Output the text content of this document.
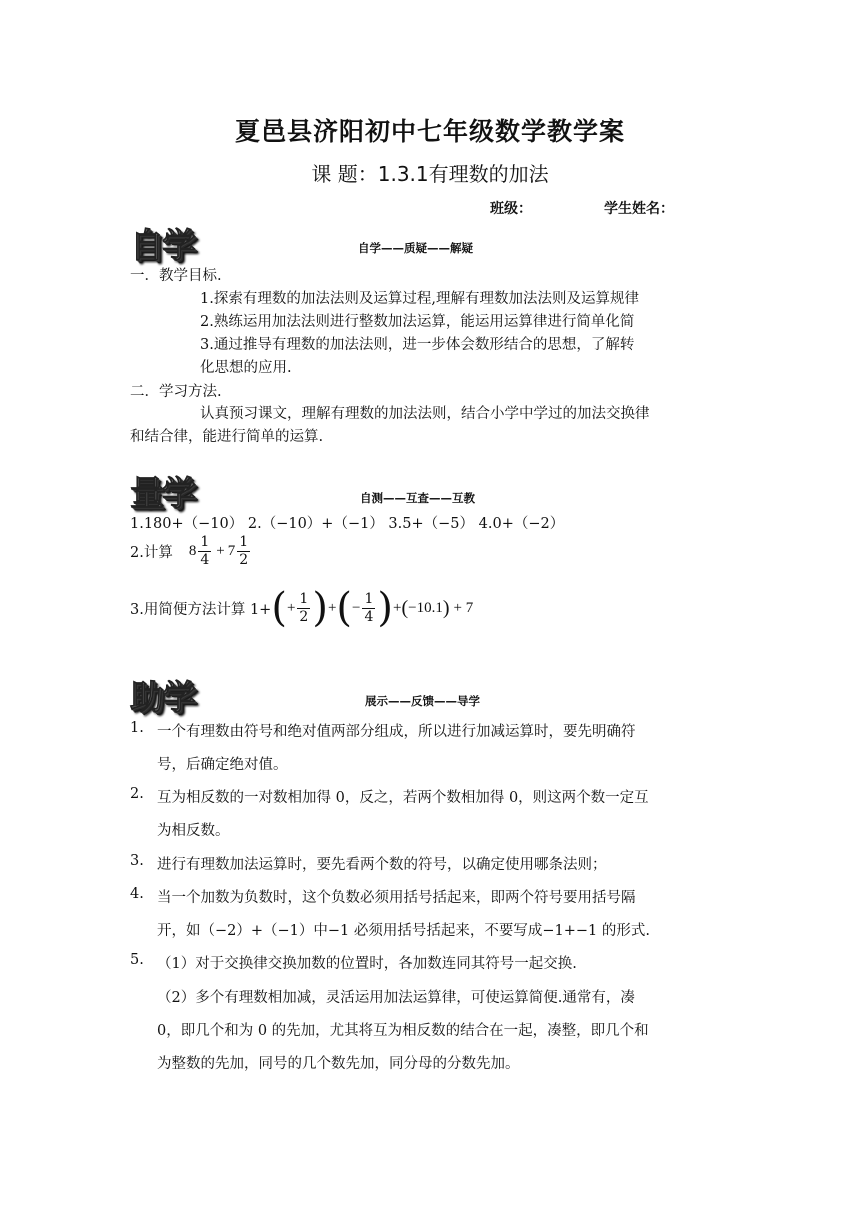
夏邑县济阳初中七年级数学教学案
课 题：1.3.1有理数的加法
班级：	学生姓名：
自学	自学——质疑——解疑
一．教学目标.
1.探索有理数的加法法则及运算过程,理解有理数加法法则及运算规律
2.熟练运用加法法则进行整数加法运算，能运用运算律进行简单化简
3.通过推导有理数的加法法则，进一步体会数形结合的思想，了解转
化思想的应用.
二．学习方法.
认真预习课文，理解有理数的加法法则，结合小学中学过的加法交换律
和结合律，能进行简单的运算.
量学	自测——互查——互教
1.180+（−10） 2.（−10）+（−1） 3.5+（−5） 4.0+（−2）
2.计算 $8 \frac{1}{4} + 7 \frac{1}{2}$
3.用简便方法计算 1+ ( + $\frac{1}{2}$ ) + ( − $\frac{1}{4}$ ) + ( −10.1 ) + 7
助学	展示——反馈——导学
1. 一个有理数由符号和绝对值两部分组成，所以进行加减运算时，要先明确符
号，后确定绝对值。
2. 互为相反数的一对数相加得 0，反之，若两个数相加得 0，则这两个数一定互
为相反数。
3. 进行有理数加法运算时，要先看两个数的符号，以确定使用哪条法则；
4. 当一个加数为负数时，这个负数必须用括号括起来，即两个符号要用括号隔
开，如（−2）+（−1）中−1 必须用括号括起来，不要写成−1+−1 的形式.
5. （1）对于交换律交换加数的位置时，各加数连同其符号一起交换.
（2）多个有理数相加减，灵活运用加法运算律，可使运算简便.通常有，凑
0，即几个和为 0 的先加，尤其将互为相反数的结合在一起，凑整，即几个和
为整数的先加，同号的几个数先加，同分母的分数先加。
